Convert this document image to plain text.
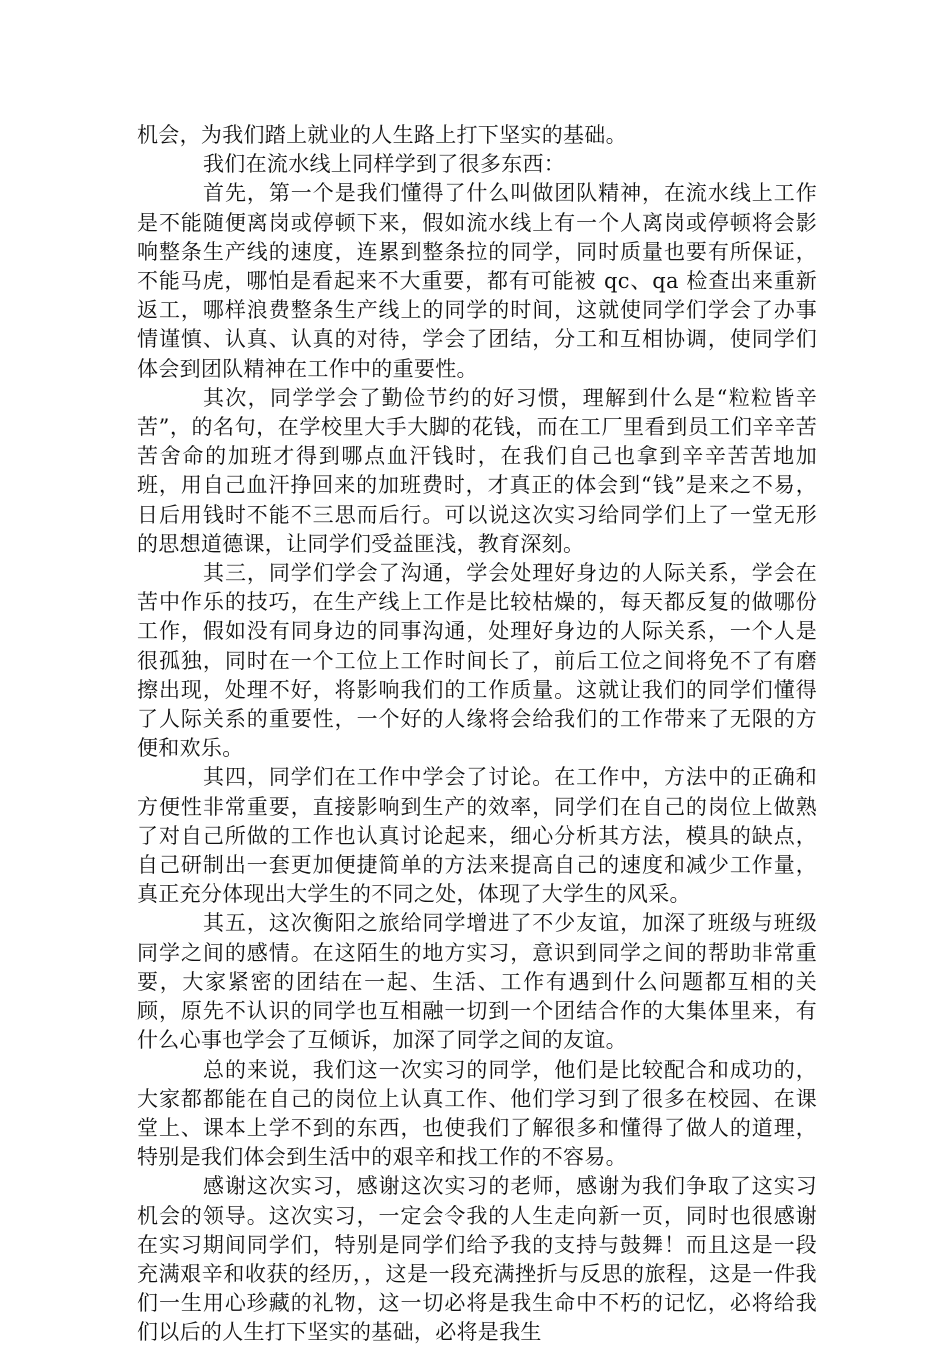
机会，为我们踏上就业的人生路上打下坚实的基础。

我们在流水线上同样学到了很多东西：

首先，第一个是我们懂得了什么叫做团队精神，在流水线上工作是不能随便离岗或停顿下来，假如流水线上有一个人离岗或停顿将会影响整条生产线的速度，连累到整条拉的同学，同时质量也要有所保证，不能马虎，哪怕是看起来不大重要，都有可能被 qc、qa 检查出来重新返工，哪样浪费整条生产线上的同学的时间，这就使同学们学会了办事情谨慎、认真、认真的对待，学会了团结，分工和互相协调，使同学们体会到团队精神在工作中的重要性。

其次，同学学会了勤俭节约的好习惯，理解到什么是“粒粒皆辛苦”，的名句，在学校里大手大脚的花钱，而在工厂里看到员工们辛辛苦苦舍命的加班才得到哪点血汗钱时，在我们自己也拿到辛辛苦苦地加班，用自己血汗挣回来的加班费时，才真正的体会到“钱”是来之不易，日后用钱时不能不三思而后行。可以说这次实习给同学们上了一堂无形的思想道德课，让同学们受益匪浅，教育深刻。

其三，同学们学会了沟通，学会处理好身边的人际关系，学会在苦中作乐的技巧，在生产线上工作是比较枯燥的，每天都反复的做哪份工作，假如没有同身边的同事沟通，处理好身边的人际关系，一个人是很孤独，同时在一个工位上工作时间长了，前后工位之间将免不了有磨擦出现，处理不好，将影响我们的工作质量。这就让我们的同学们懂得了人际关系的重要性，一个好的人缘将会给我们的工作带来了无限的方便和欢乐。

其四，同学们在工作中学会了讨论。在工作中，方法中的正确和方便性非常重要，直接影响到生产的效率，同学们在自己的岗位上做熟了对自己所做的工作也认真讨论起来，细心分析其方法，模具的缺点，自己研制出一套更加便捷简单的方法来提高自己的速度和减少工作量，真正充分体现出大学生的不同之处，体现了大学生的风采。

其五，这次衡阳之旅给同学增进了不少友谊，加深了班级与班级同学之间的感情。在这陌生的地方实习，意识到同学之间的帮助非常重要，大家紧密的团结在一起、生活、工作有遇到什么问题都互相的关顾，原先不认识的同学也互相融一切到一个团结合作的大集体里来，有什么心事也学会了互倾诉，加深了同学之间的友谊。

总的来说，我们这一次实习的同学，他们是比较配合和成功的，大家都都能在自己的岗位上认真工作、他们学习到了很多在校园、在课堂上、课本上学不到的东西，也使我们了解很多和懂得了做人的道理，特别是我们体会到生活中的艰辛和找工作的不容易。

感谢这次实习，感谢这次实习的老师，感谢为我们争取了这实习机会的领导。这次实习，一定会令我的人生走向新一页，同时也很感谢在实习期间同学们，特别是同学们给予我的支持与鼓舞！而且这是一段充满艰辛和收获的经历，，这是一段充满挫折与反思的旅程，这是一件我们一生用心珍藏的礼物，这一切必将是我生命中不朽的记忆，必将给我们以后的人生打下坚实的基础，必将是我生
